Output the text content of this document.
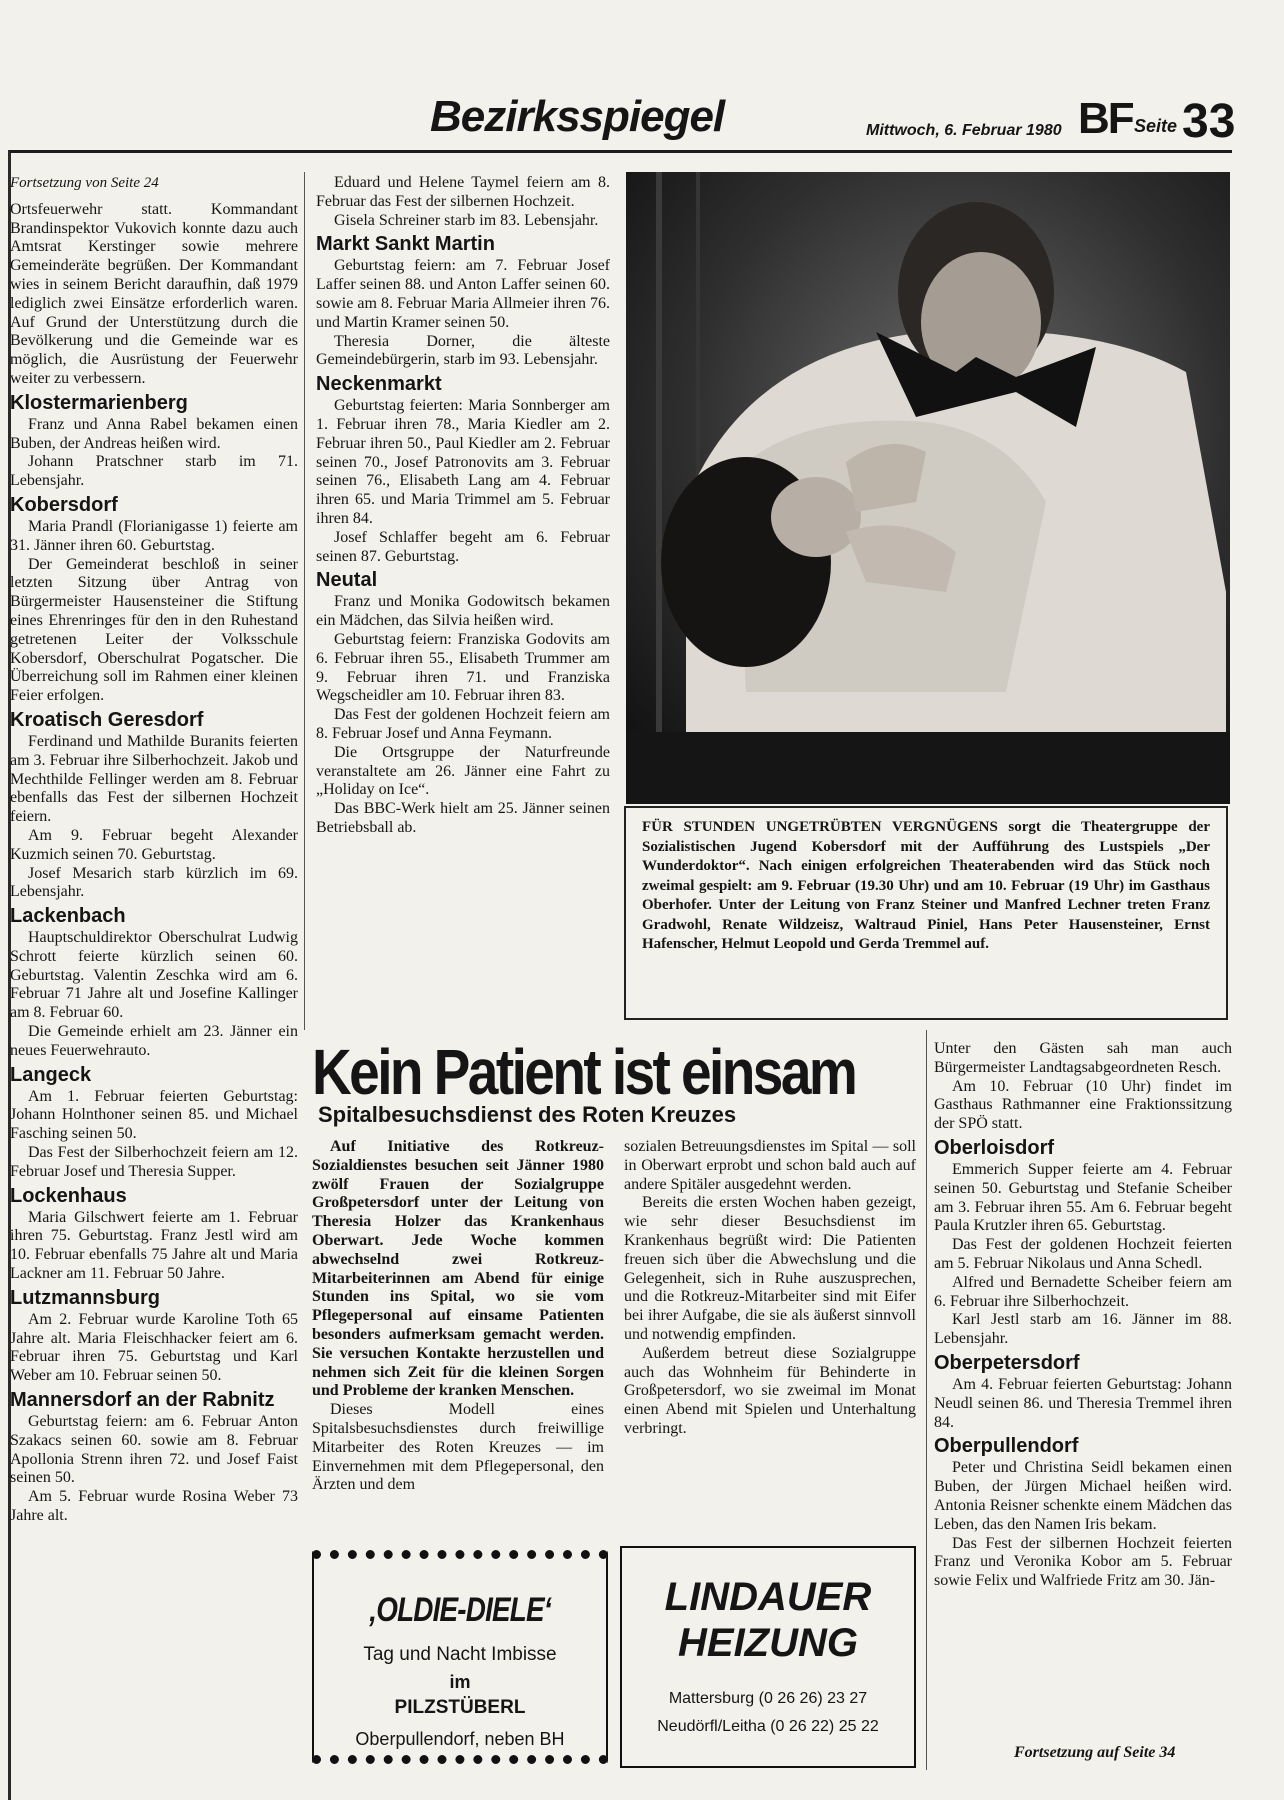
Bezirksspiegel	Mittwoch, 6. Februar 1980 BF Seite 33

Fortsetzung von Seite 24

Ortsfeuerwehr statt. Kommandant Brandinspektor Vukovich konnte dazu auch Amtsrat Kerstinger sowie mehrere Gemeinderäte begrüßen. Der Kommandant wies in seinem Bericht daraufhin, daß 1979 lediglich zwei Einsätze erforderlich waren. Auf Grund der Unterstützung durch die Bevölkerung und die Gemeinde war es möglich, die Ausrüstung der Feuerwehr weiter zu verbessern.

Klostermarienberg

Franz und Anna Rabel bekamen einen Buben, der Andreas heißen wird.

Johann Pratschner starb im 71. Lebensjahr.

Kobersdorf

Maria Prandl (Florianigasse 1) feierte am 31. Jänner ihren 60. Geburtstag.

Der Gemeinderat beschloß in seiner letzten Sitzung über Antrag von Bürgermeister Hausensteiner die Stiftung eines Ehrenringes für den in den Ruhestand getretenen Leiter der Volksschule Kobersdorf, Oberschulrat Pogatscher. Die Überreichung soll im Rahmen einer kleinen Feier erfolgen.

Kroatisch Geresdorf

Ferdinand und Mathilde Buranits feierten am 3. Februar ihre Silberhochzeit. Jakob und Mechthilde Fellinger werden am 8. Februar ebenfalls das Fest der silbernen Hochzeit feiern.

Am 9. Februar begeht Alexander Kuzmich seinen 70. Geburtstag.

Josef Mesarich starb kürzlich im 69. Lebensjahr.

Lackenbach

Hauptschuldirektor Oberschulrat Ludwig Schrott feierte kürzlich seinen 60. Geburtstag. Valentin Zeschka wird am 6. Februar 71 Jahre alt und Josefine Kallinger am 8. Februar 60.

Die Gemeinde erhielt am 23. Jänner ein neues Feuerwehrauto.

Langeck

Am 1. Februar feierten Geburtstag: Johann Holnthoner seinen 85. und Michael Fasching seinen 50.

Das Fest der Silberhochzeit feiern am 12. Februar Josef und Theresia Supper.

Lockenhaus

Maria Gilschwert feierte am 1. Februar ihren 75. Geburtstag. Franz Jestl wird am 10. Februar ebenfalls 75 Jahre alt und Maria Lackner am 11. Februar 50 Jahre.

Lutzmannsburg

Am 2. Februar wurde Karoline Toth 65 Jahre alt. Maria Fleischhacker feiert am 6. Februar ihren 75. Geburtstag und Karl Weber am 10. Februar seinen 50.

Mannersdorf an der Rabnitz

Geburtstag feiern: am 6. Februar Anton Szakacs seinen 60. sowie am 8. Februar Apollonia Strenn ihren 72. und Josef Faist seinen 50.

Am 5. Februar wurde Rosina Weber 73 Jahre alt.

Eduard und Helene Taymel feiern am 8. Februar das Fest der silbernen Hochzeit.

Gisela Schreiner starb im 83. Lebensjahr.

Markt Sankt Martin

Geburtstag feiern: am 7. Februar Josef Laffer seinen 88. und Anton Laffer seinen 60. sowie am 8. Februar Maria Allmeier ihren 76. und Martin Kramer seinen 50.

Theresia Dorner, die älteste Gemeindebürgerin, starb im 93. Lebensjahr.

Neckenmarkt

Geburtstag feierten: Maria Sonnberger am 1. Februar ihren 78., Maria Kiedler am 2. Februar ihren 50., Paul Kiedler am 2. Februar seinen 70., Josef Patronovits am 3. Februar seinen 76., Elisabeth Lang am 4. Februar ihren 65. und Maria Trimmel am 5. Februar ihren 84.

Josef Schlaffer begeht am 6. Februar seinen 87. Geburtstag.

Neutal

Franz und Monika Godowitsch bekamen ein Mädchen, das Silvia heißen wird.

Geburtstag feiern: Franziska Godovits am 6. Februar ihren 55., Elisabeth Trummer am 9. Februar ihren 71. und Franziska Wegscheidler am 10. Februar ihren 83.

Das Fest der goldenen Hochzeit feiern am 8. Februar Josef und Anna Feymann.

Die Ortsgruppe der Naturfreunde veranstaltete am 26. Jänner eine Fahrt zu „Holiday on Ice“.

Das BBC-Werk hielt am 25. Jänner seinen Betriebsball ab.	FÜR STUNDEN UNGETRÜBTEN VERGNÜGENS sorgt die Theatergruppe der Sozialistischen Jugend Kobersdorf mit der Aufführung des Lustspiels „Der Wunderdoktor“. Nach einigen erfolgreichen Theaterabenden wird das Stück noch zweimal gespielt: am 9. Februar (19.30 Uhr) und am 10. Februar (19 Uhr) im Gasthaus Oberhofer. Unter der Leitung von Franz Steiner und Manfred Lechner treten Franz Gradwohl, Renate Wildzeisz, Waltraud Piniel, Hans Peter Hausensteiner, Ernst Hafenscher, Helmut Leopold und Gerda Tremmel auf.
Kein Patient ist einsam
Spitalbesuchsdienst des Roten Kreuzes

Auf Initiative des Rotkreuz-Sozialdienstes besuchen seit Jänner 1980 zwölf Frauen der Sozialgruppe Großpetersdorf unter der Leitung von Theresia Holzer das Krankenhaus Oberwart. Jede Woche kommen abwechselnd zwei Rotkreuz-Mitarbeiterinnen am Abend für einige Stunden ins Spital, wo sie vom Pflegepersonal auf einsame Patienten besonders aufmerksam gemacht werden. Sie versuchen Kontakte herzustellen und nehmen sich Zeit für die kleinen Sorgen und Probleme der kranken Menschen.

Dieses Modell eines Spitalsbesuchsdienstes durch freiwillige Mitarbeiter des Roten Kreuzes — im Einvernehmen mit dem Pflegepersonal, den Ärzten und dem

sozialen Betreuungsdienstes im Spital — soll in Oberwart erprobt und schon bald auch auf andere Spitäler ausgedehnt werden.

Bereits die ersten Wochen haben gezeigt, wie sehr dieser Besuchsdienst im Krankenhaus begrüßt wird: Die Patienten freuen sich über die Abwechslung und die Gelegenheit, sich in Ruhe auszusprechen, und die Rotkreuz-Mitarbeiter sind mit Eifer bei ihrer Aufgabe, die sie als äußerst sinnvoll und notwendig empfinden.

Außerdem betreut diese Sozialgruppe auch das Wohnheim für Behinderte in Großpetersdorf, wo sie zweimal im Monat einen Abend mit Spielen und Unterhaltung verbringt.

Unter den Gästen sah man auch Bürgermeister Landtagsabgeordneten Resch.

Am 10. Februar (10 Uhr) findet im Gasthaus Rathmanner eine Fraktionssitzung der SPÖ statt.

Oberloisdorf

Emmerich Supper feierte am 4. Februar seinen 50. Geburtstag und Stefanie Scheiber am 3. Februar ihren 55. Am 6. Februar begeht Paula Krutzler ihren 65. Geburtstag.

Das Fest der goldenen Hochzeit feierten am 5. Februar Nikolaus und Anna Schedl.

Alfred und Bernadette Scheiber feiern am 6. Februar ihre Silberhochzeit.

Karl Jestl starb am 16. Jänner im 88. Lebensjahr.

Oberpetersdorf

Am 4. Februar feierten Geburtstag: Johann Neudl seinen 86. und Theresia Tremmel ihren 84.

Oberpullendorf

Peter und Christina Seidl bekamen einen Buben, der Jürgen Michael heißen wird. Antonia Reisner schenkte einem Mädchen das Leben, das den Namen Iris bekam.

Das Fest der silbernen Hochzeit feierten Franz und Veronika Kobor am 5. Februar sowie Felix und Walfriede Fritz am 30. Jän-

‚OLDIE-DIELE‘
Tag und Nacht Imbisse
im
PILZSTÜBERL
Oberpullendorf, neben BH
LINDAUER
HEIZUNG
Mattersburg (0 26 26) 23 27
Neudörfl/Leitha (0 26 22) 25 22
Fortsetzung auf Seite 34
